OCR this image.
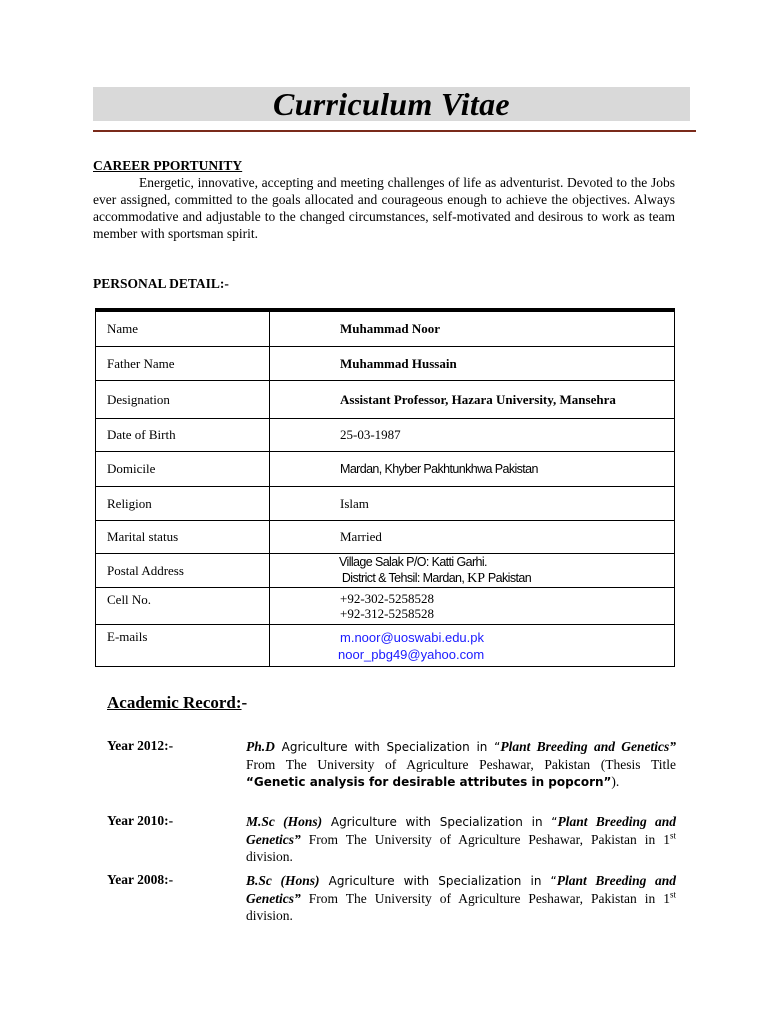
Curriculum Vitae
CAREER PPORTUNITY

Energetic, innovative, accepting and meeting challenges of life as adventurist. Devoted to the Jobs ever assigned, committed to the goals allocated and courageous enough to achieve the objectives. Always accommodative and adjustable to the changed circumstances, self-motivated and desirous to work as team member with sportsman spirit.

PERSONAL DETAIL:-
Name	Muhammad Noor
Father Name	Muhammad Hussain
Designation	Assistant Professor, Hazara University, Mansehra
Date of Birth	25-03-1987
Domicile	Mardan, Khyber Pakhtunkhwa Pakistan
Religion	Islam
Marital status	Married
Postal Address	Village Salak P/O: Katti Garhi.
District & Tehsil: Mardan, KP Pakistan

Cell No.	+92-302-5258528
+92-312-5258528

E-mails	m.noor@uoswabi.edu.pk
noor_pbg49@yahoo.com
Academic Record:-
Year 2012:-	Ph.D Agriculture with Specialization in “Plant Breeding and Genetics” From The University of Agriculture Peshawar, Pakistan (Thesis Title “Genetic analysis for desirable attributes in popcorn”).

Year 2010:-	M.Sc (Hons) Agriculture with Specialization in “Plant Breeding and Genetics” From The University of Agriculture Peshawar, Pakistan in 1st division.

Year 2008:-	B.Sc (Hons) Agriculture with Specialization in “Plant Breeding and Genetics” From The University of Agriculture Peshawar, Pakistan in 1st division.
